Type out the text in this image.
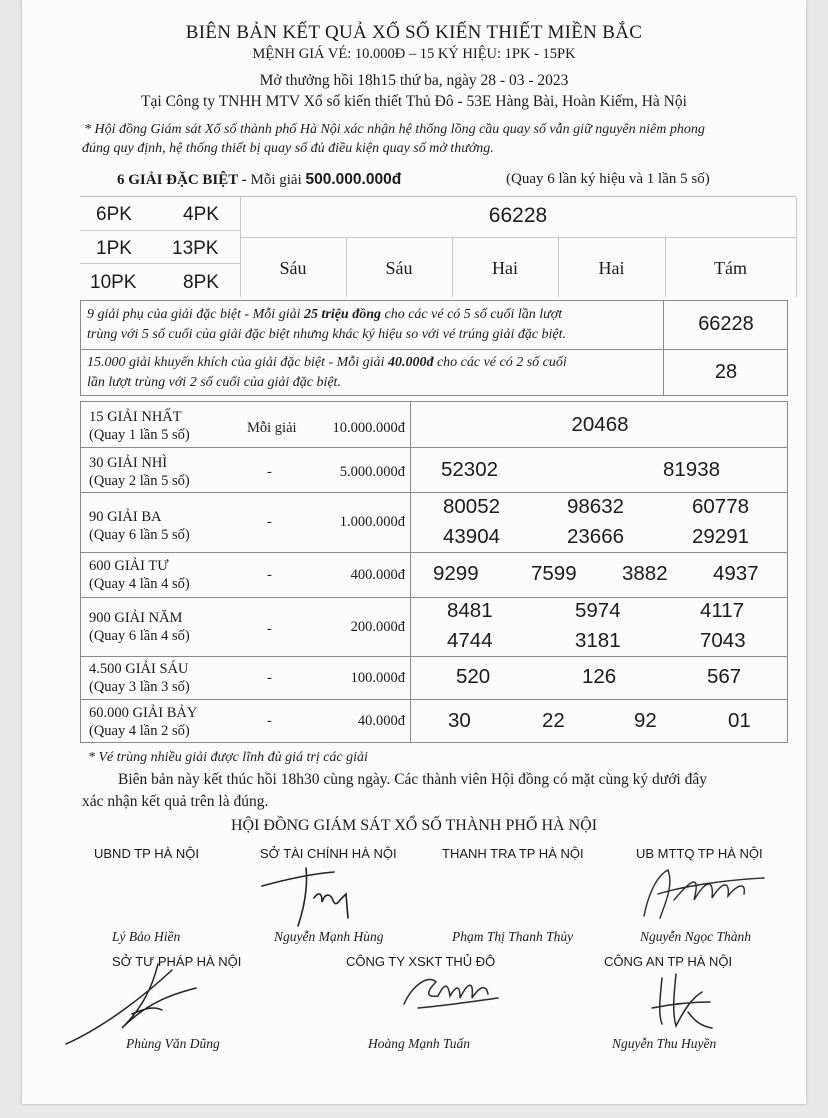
BIÊN BẢN KẾT QUẢ XỔ SỐ KIẾN THIẾT MIỀN BẮC
MỆNH GIÁ VÉ: 10.000Đ – 15 KÝ HIỆU: 1PK - 15PK
Mở thưởng hồi 18h15 thứ ba, ngày 28 - 03 - 2023
Tại Công ty TNHH MTV Xổ số kiến thiết Thủ Đô - 53E Hàng Bài, Hoàn Kiếm, Hà Nội
* Hội đồng Giám sát Xổ số thành phố Hà Nội xác nhận hệ thống lồng cầu quay số vẫn giữ nguyên niêm phong
đúng quy định, hệ thống thiết bị quay số đủ điều kiện quay số mở thưởng.
6 GIẢI ĐẶC BIỆT - Mỗi giải 500.000.000đ	(Quay 6 lần ký hiệu và 1 lần 5 số)
6PK	4PK
1PK 13PK
10PK 8PK
66228
Sáu	Sáu	Hai	Hai	Tám
9 giải phụ của giải đặc biệt - Mỗi giải 25 triệu đồng cho các vé có 5 số cuối lần lượt
trùng với 5 số cuối của giải đặc biệt nhưng khác ký hiệu so với vé trúng giải đặc biệt.	66228
15.000 giải khuyến khích của giải đặc biệt - Mỗi giải 40.000đ cho các vé có 2 số cuối
lần lượt trùng với 2 số cuối của giải đặc biệt.	28
15 GIẢI NHẤT
(Quay 1 lần 5 số)	Mỗi giải	10.000.000đ	20468
30 GIẢI NHÌ
(Quay 2 lần 5 số)
-	5.000.000đ 52302	81938
90 GIẢI BA
(Quay 6 lần 5 số)
-	1.000.000đ
80052	98632	60778
43904	23666	29291
600 GIẢI TƯ
(Quay 4 lần 4 số)
-	400.000đ 9299	7599 3882 4937
900 GIẢI NĂM
(Quay 6 lần 4 số)	-	200.000đ
8481	5974	4117
4744	3181	7043
4.500 GIẢI SÁU
(Quay 3 lần 3 số)
-	100.000đ 520	126	567
60.000 GIẢI BẢY
(Quay 4 lần 2 số)
-	40.000đ 30	22	92	01
* Vé trùng nhiều giải được lĩnh đủ giá trị các giải
Biên bản này kết thúc hồi 18h30 cùng ngày. Các thành viên Hội đồng có mặt cùng ký dưới đây
xác nhận kết quả trên là đúng.
HỘI ĐỒNG GIÁM SÁT XỔ SỐ THÀNH PHỐ HÀ NỘI
UBND TP HÀ NỘI	SỞ TÀI CHÍNH HÀ NỘI	THANH TRA TP HÀ NỘI	UB MTTQ TP HÀ NỘI
Lý Bảo Hiền	Nguyễn Mạnh Hùng	Phạm Thị Thanh Thủy	Nguyễn Ngọc Thành
SỞ TƯ PHÁP HÀ NỘI	CÔNG TY XSKT THỦ ĐÔ	CÔNG AN TP HÀ NỘI
Phùng Văn Dũng	Hoàng Mạnh Tuấn	Nguyễn Thu Huyền
